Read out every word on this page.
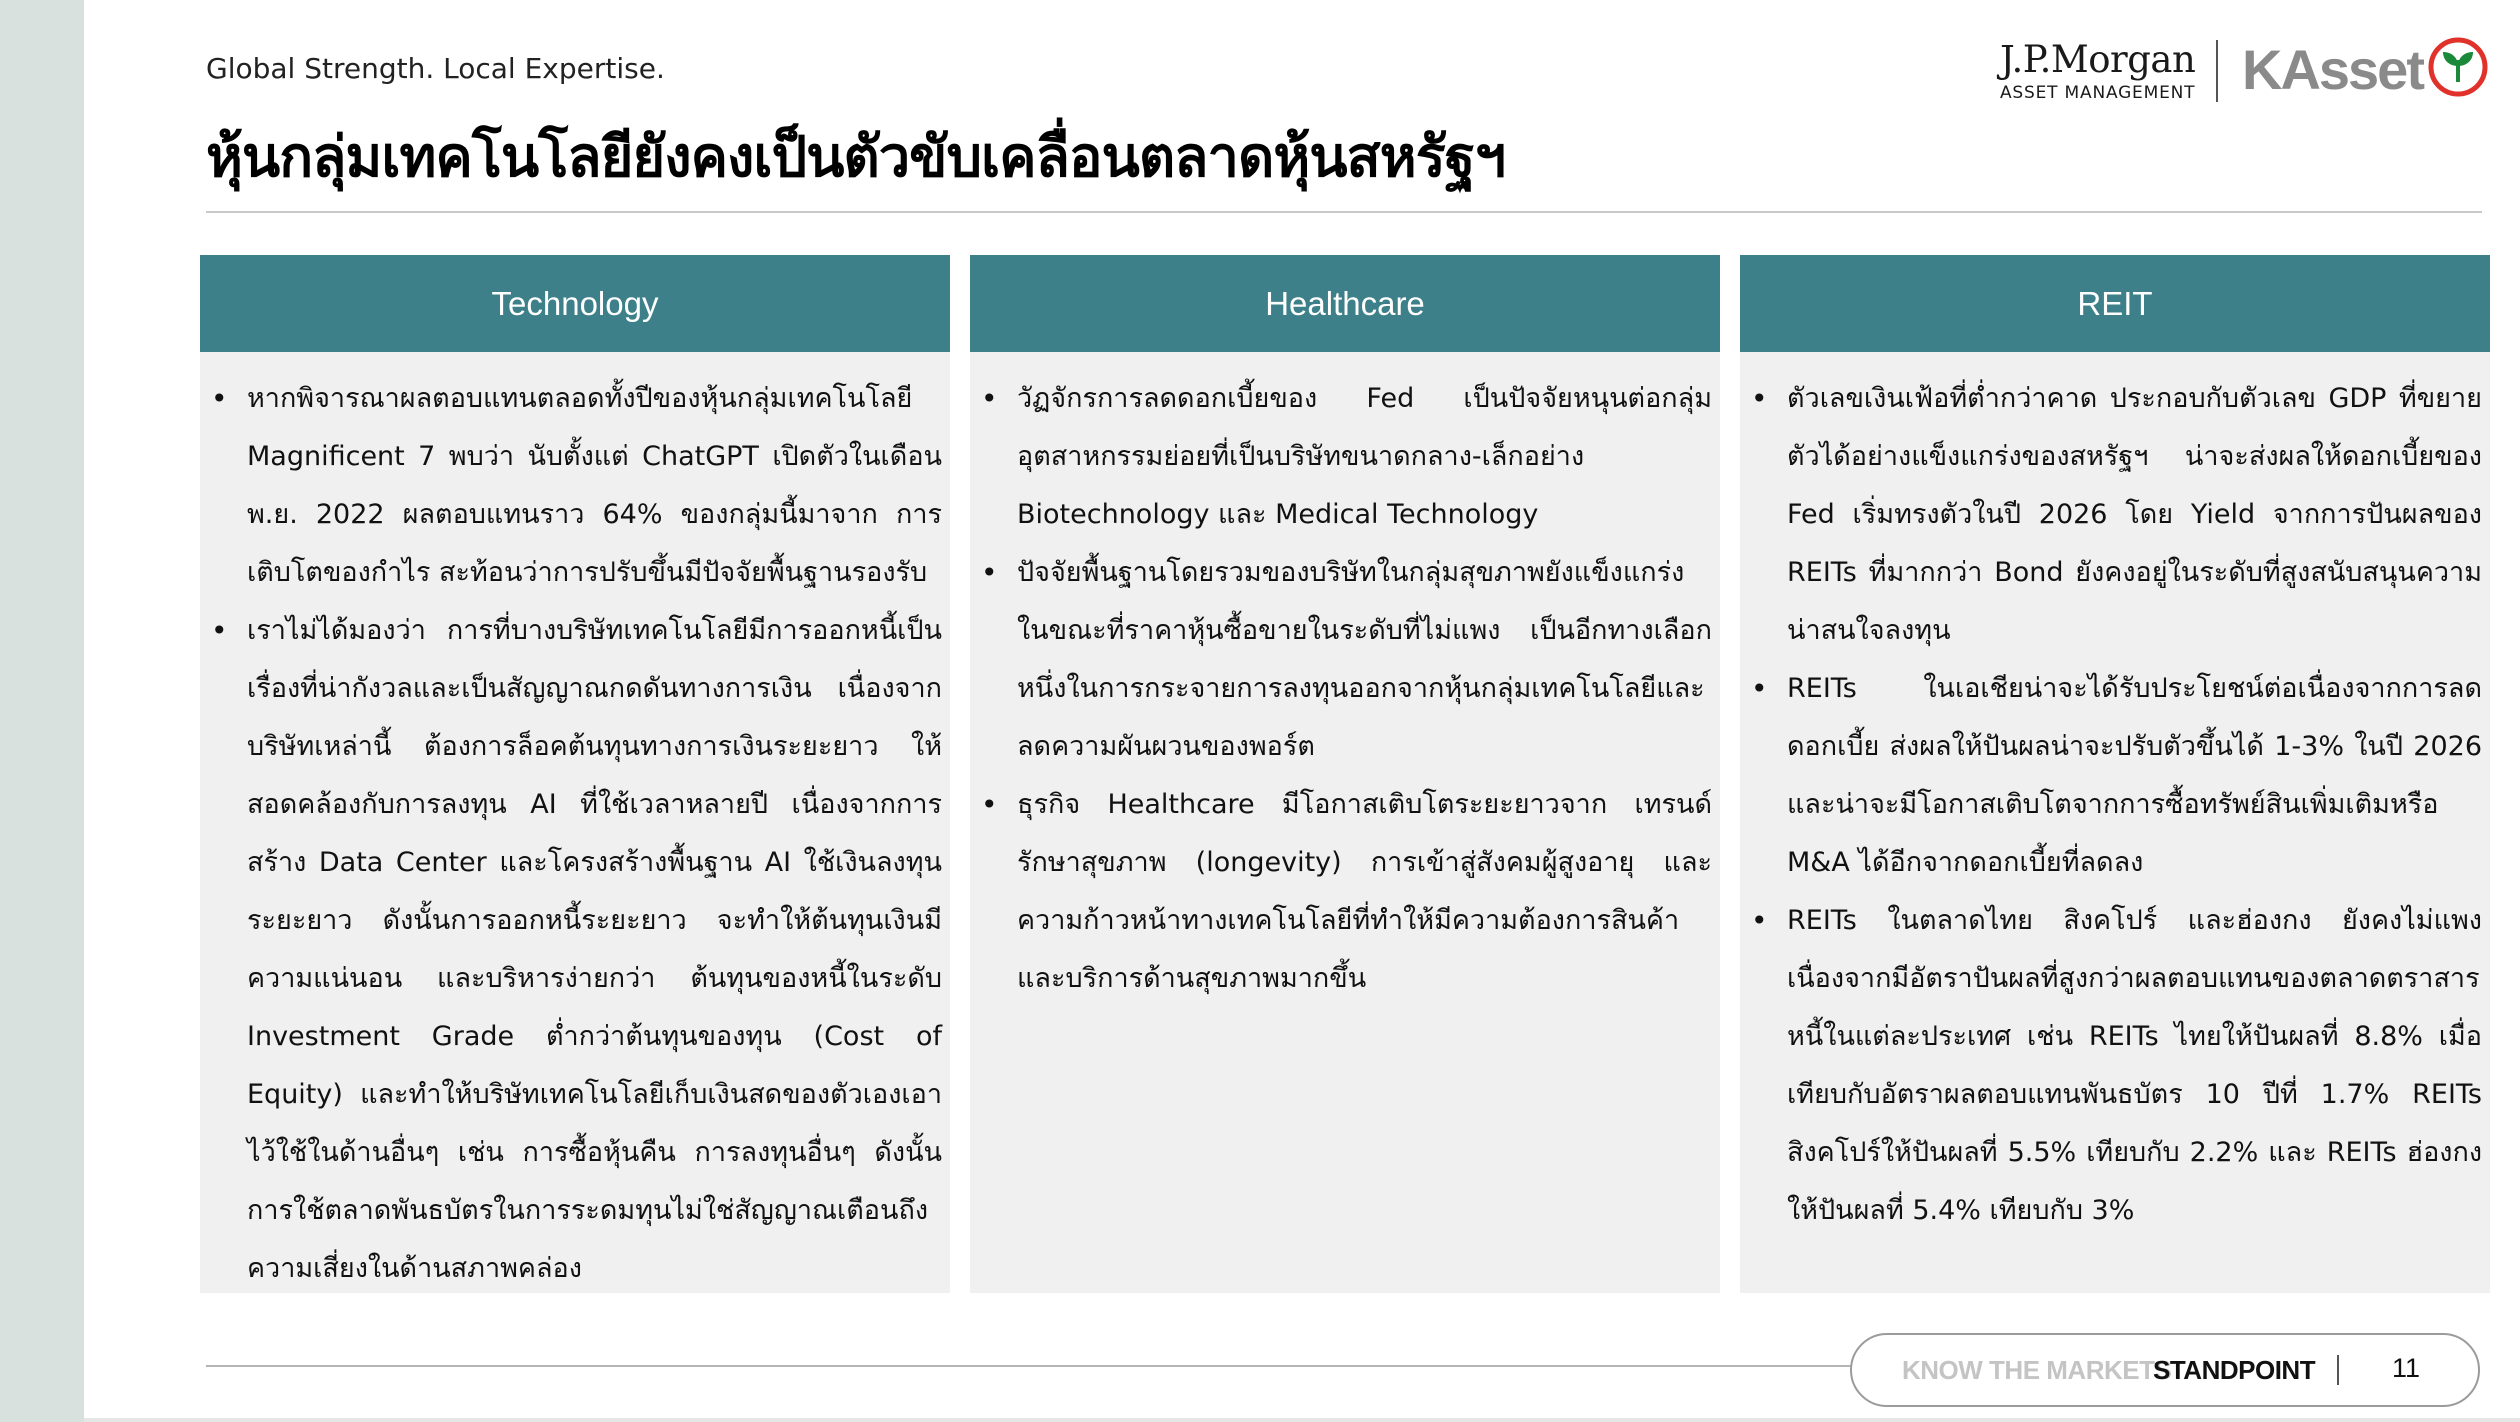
Global Strength. Local Expertise.
หุ้นกลุ่มเทคโนโลยียังคงเป็นตัวขับเคลื่อนตลาดหุ้นสหรัฐฯ
J.P.Morgan
ASSET MANAGEMENT KAsset
Technology
• หากพิจารณาผลตอบแทนตลอดทั้งปีของหุ้นกลุ่มเทคโนโลยี Magnificent 7 พบว่า นับตั้งแต่ ChatGPT เปิดตัวในเดือน พ.ย. 2022 ผลตอบแทนราว 64% ของกลุ่มนี้มาจาก การเติบโตของกำไร สะท้อนว่าการปรับขึ้นมีปัจจัยพื้นฐานรองรับ
• เราไม่ได้มองว่า การที่บางบริษัทเทคโนโลยีมีการออกหนี้เป็นเรื่องที่น่ากังวลและเป็นสัญญาณกดดันทางการเงิน เนื่องจากบริษัทเหล่านี้ ต้องการล็อคต้นทุนทางการเงินระยะยาว ให้สอดคล้องกับการลงทุน AI ที่ใช้เวลาหลายปี เนื่องจากการสร้าง Data Center และโครงสร้างพื้นฐาน AI ใช้เงินลงทุนระยะยาว ดังนั้นการออกหนี้ระยะยาว จะทำให้ต้นทุนเงินมีความแน่นอน และบริหารง่ายกว่า ต้นทุนของหนี้ในระดับ Investment Grade ต่ำกว่าต้นทุนของทุน (Cost of Equity) และทำให้บริษัทเทคโนโลยีเก็บเงินสดของตัวเองเอาไว้ใช้ในด้านอื่นๆ เช่น การซื้อหุ้นคืน การลงทุนอื่นๆ ดังนั้นการใช้ตลาดพันธบัตรในการระดมทุนไม่ใช่สัญญาณเตือนถึงความเสี่ยงในด้านสภาพคล่อง
Healthcare
• วัฏจักรการลดดอกเบี้ยของ Fed เป็นปัจจัยหนุนต่อกลุ่มอุตสาหกรรมย่อยที่เป็นบริษัทขนาดกลาง-เล็กอย่าง Biotechnology และ Medical Technology
• ปัจจัยพื้นฐานโดยรวมของบริษัทในกลุ่มสุขภาพยังแข็งแกร่ง ในขณะที่ราคาหุ้นซื้อขายในระดับที่ไม่แพง เป็นอีกทางเลือกหนึ่งในการกระจายการลงทุนออกจากหุ้นกลุ่มเทคโนโลยีและลดความผันผวนของพอร์ต
• ธุรกิจ Healthcare มีโอกาสเติบโตระยะยาวจาก เทรนด์รักษาสุขภาพ (longevity) การเข้าสู่สังคมผู้สูงอายุ และความก้าวหน้าทางเทคโนโลยีที่ทำให้มีความต้องการสินค้าและบริการด้านสุขภาพมากขึ้น
REIT
• ตัวเลขเงินเฟ้อที่ต่ำกว่าคาด ประกอบกับตัวเลข GDP ที่ขยายตัวได้อย่างแข็งแกร่งของสหรัฐฯ น่าจะส่งผลให้ดอกเบี้ยของ Fed เริ่มทรงตัวในปี 2026 โดย Yield จากการปันผลของ REITs ที่มากกว่า Bond ยังคงอยู่ในระดับที่สูงสนับสนุนความน่าสนใจลงทุน
• REITs ในเอเชียน่าจะได้รับประโยชน์ต่อเนื่องจากการลดดอกเบี้ย ส่งผลให้ปันผลน่าจะปรับตัวขึ้นได้ 1-3% ในปี 2026 และน่าจะมีโอกาสเติบโตจากการซื้อทรัพย์สินเพิ่มเติมหรือ M&A ได้อีกจากดอกเบี้ยที่ลดลง
• REITs ในตลาดไทย สิงคโปร์ และฮ่องกง ยังคงไม่แพง เนื่องจากมีอัตราปันผลที่สูงกว่าผลตอบแทนของตลาดตราสารหนี้ในแต่ละประเทศ เช่น REITs ไทยให้ปันผลที่ 8.8% เมื่อเทียบกับอัตราผลตอบแทนพันธบัตร 10 ปีที่ 1.7% REITs สิงคโปร์ให้ปันผลที่ 5.5% เทียบกับ 2.2% และ REITs ฮ่องกงให้ปันผลที่ 5.4% เทียบกับ 3%
KNOW THE MARKETS
STANDPOINT	11
